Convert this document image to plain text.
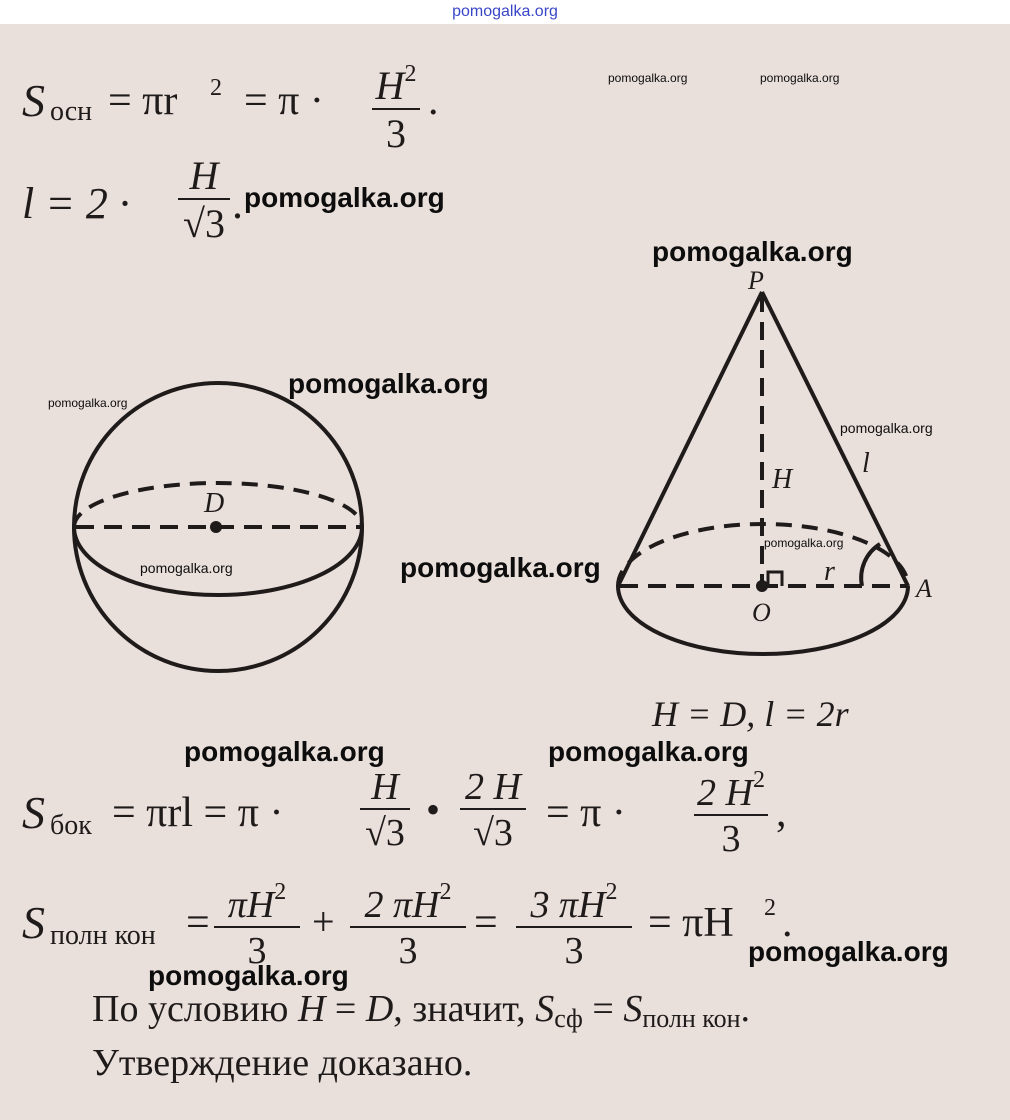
pomogalka.org
S осн = πr $2 = \pi \cdot H^2$
3
.
l = 2 ·
H
√3 .
D
P
H
l
r
O
A
H = D, l = 2r
S бок = πrl = π ·
H
√3
• 2 H
√3 = π · 2 $H^2$
3
,
S полн кон = $\pi H^2$
3
+ 2 $\pi H^2$
3
= 3 $\pi H^2$
3
= πH 2 .
По условию H = D, значит, $S_{сф} = S_{полн кон}$.
Утверждение доказано.
pomogalka.org	pomogalka.org
pomogalka.org
pomogalka.org
pomogalka.org
pomogalka.org
pomogalka.org
pomogalka.org
pomogalka.org	pomogalka.org
pomogalka.org	pomogalka.org
pomogalka.org
pomogalka.org
